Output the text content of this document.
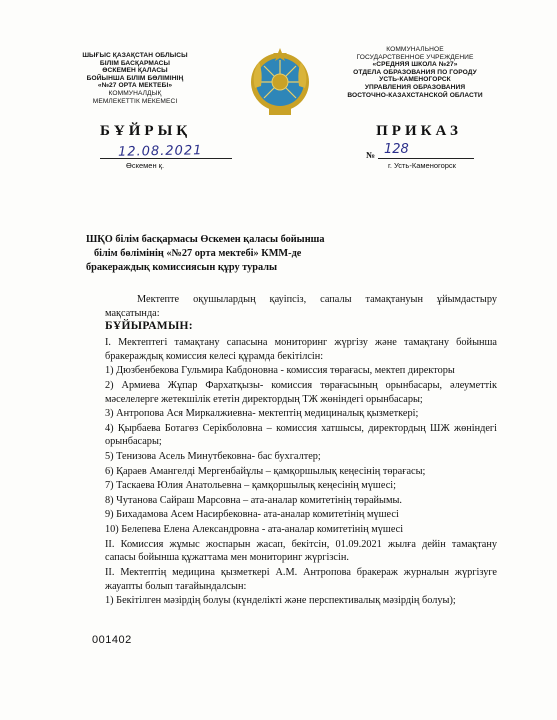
ШЫҒЫС ҚАЗАҚСТАН ОБЛЫСЫ
БІЛІМ БАСҚАРМАСЫ
ӨСКЕМЕН ҚАЛАСЫ
БОЙЫНША БІЛІМ БӨЛІМІНІҢ
«№27 ОРТА МЕКТЕБІ»
КОММУНАЛДЫҚ
МЕМЛЕКЕТТІК МЕКЕМЕСІ
КОММУНАЛЬНОЕ
ГОСУДАРСТВЕННОЕ УЧРЕЖДЕНИЕ
«СРЕДНЯЯ ШКОЛА №27»
ОТДЕЛА ОБРАЗОВАНИЯ ПО ГОРОДУ
УСТЬ-КАМЕНОГОРСК
УПРАВЛЕНИЯ ОБРАЗОВАНИЯ
ВОСТОЧНО-КАЗАХСТАНСКОЙ ОБЛАСТИ
БҰЙРЫҚ	ПРИКАЗ
12.08.2021
Өскемен қ.
№ 128
г. Усть-Каменогорск
ШҚО білім басқармасы Өскемен қаласы бойынша
білім бөлімінің «№27 орта мектебі» КММ-де
бракераждық комиссиясын құру туралы
Мектепте оқушылардың қауіпсіз, сапалы тамақтануын ұйымдастыру мақсатында:
БҰЙЫРАМЫН:

I. Мектептегі тамақтану сапасына мониторинг жүргізу және тамақтану бойынша бракераждық комиссия келесі құрамда бекітілсін:

1) Дюзбенбекова Гульмира Кабдоновна - комиссия төрағасы, мектеп директоры

2) Армиева Жұпар Фархатқызы- комиссия төрағасының орынбасары, әлеуметтік мәселелерге жетекшілік ететін директордың ТЖ жөніндегі орынбасары;

3) Антропова Ася Миркалжиевна- мектептің медициналық қызметкері;

4) Қырбаева Ботагөз Серікболовна – комиссия хатшысы, директордың ШЖ жөніндегі орынбасары;

5) Тенизова Асель Минутбековна- бас бухгалтер;

6) Қараев Амангелді Мергенбайұлы – қамқоршылық кеңесінің төрағасы;

7) Таскаева Юлия Анатольевна – қамқоршылық кеңесінің мүшесі;

8) Чутанова Сайраш Марсовна – ата-аналар комитетінің төрайымы.

9) Бихадамова Асем Насирбековна- ата-аналар комитетінің мүшесі

10) Белепева Елена Александровна - ата-аналар комитетінің мүшесі

II. Комиссия жұмыс жоспарын жасап, бекітсін, 01.09.2021 жылға дейін тамақтану сапасы бойынша құжаттама мен мониторинг жүргізсін.

II. Мектептің медицина қызметкері А.М. Антропова бракераж журналын жүргізуге жауапты болып тағайындалсын:

1) Бекітілген мәзірдің болуы (күнделікті және перспективалық мәзірдің болуы);

001402
